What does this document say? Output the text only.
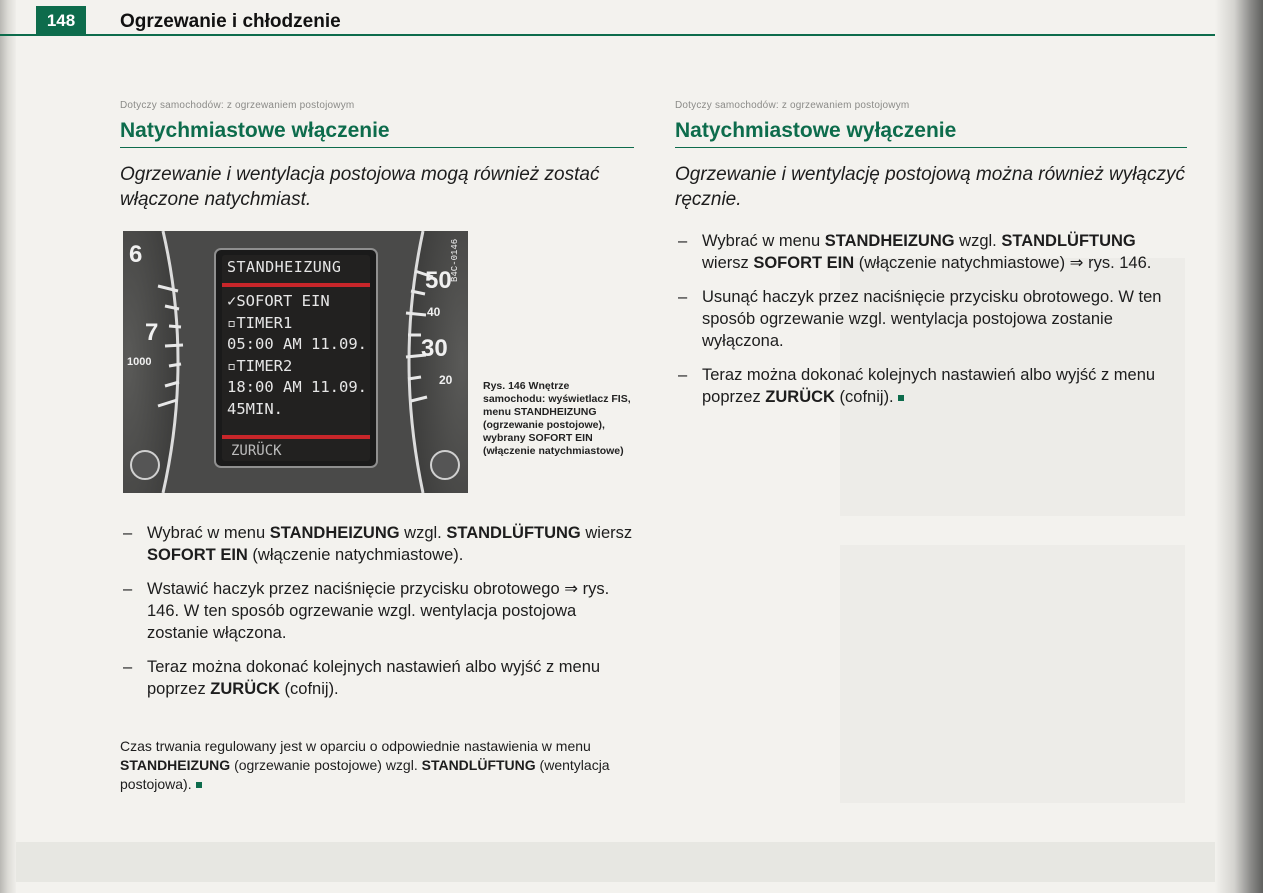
148	Ogrzewanie i chłodzenie
Dotyczy samochodów: z ogrzewaniem postojowym
Natychmiastowe włączenie
Ogrzewanie i wentylacja postojowa mogą również zostać włączone natychmiast.
6
7
1000
50
40
30
20
STANDHEIZUNG
✓SOFORT EIN
▫TIMER1
05:00 AM 11.09.
▫TIMER2
18:00 AM 11.09.
45MIN.
ZURÜCK
B4C-0146
Rys. 146 Wnętrze samochodu: wyświetlacz FIS, menu STANDHEIZUNG (ogrzewanie postojowe), wybrany SOFORT EIN (włączenie natychmiastowe)
– Wybrać w menu STANDHEIZUNG wzgl. STANDLÜFTUNG wiersz SOFORT EIN (włączenie natychmiastowe).
– Wstawić haczyk przez naciśnięcie przycisku obrotowego ⇒ rys. 146. W ten sposób ogrzewanie wzgl. wentylacja postojowa zostanie włączona.
– Teraz można dokonać kolejnych nastawień albo wyjść z menu poprzez ZURÜCK (cofnij).
Czas trwania regulowany jest w oparciu o odpowiednie nastawienia w menu STANDHEIZUNG (ogrzewanie postojowe) wzgl. STANDLÜFTUNG (wentylacja postojowa).
Dotyczy samochodów: z ogrzewaniem postojowym
Natychmiastowe wyłączenie
Ogrzewanie i wentylację postojową można również wyłączyć ręcznie.
– Wybrać w menu STANDHEIZUNG wzgl. STANDLÜFTUNG wiersz SOFORT EIN (włączenie natychmiastowe) ⇒ rys. 146.
– Usunąć haczyk przez naciśnięcie przycisku obrotowego. W ten sposób ogrzewanie wzgl. wentylacja postojowa zostanie wyłączona.
– Teraz można dokonać kolejnych nastawień albo wyjść z menu poprzez ZURÜCK (cofnij).
